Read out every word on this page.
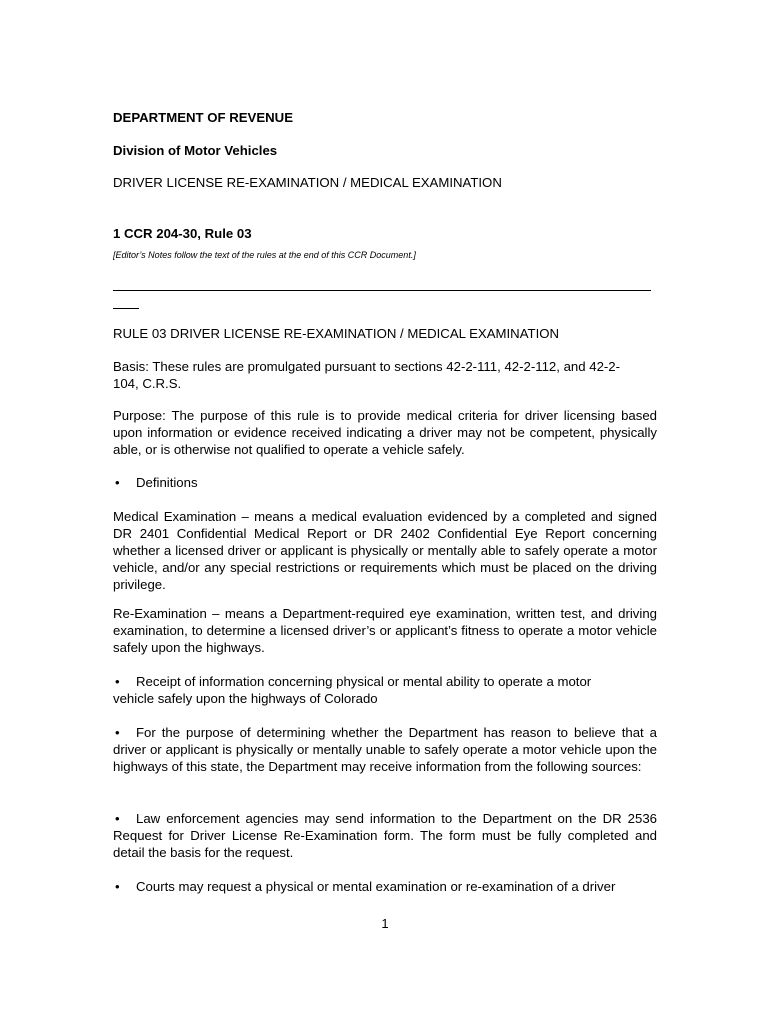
DEPARTMENT OF REVENUE

Division of Motor Vehicles

DRIVER LICENSE RE-EXAMINATION / MEDICAL EXAMINATION

1 CCR 204-30, Rule 03

[Editor’s Notes follow the text of the rules at the end of this CCR Document.]

RULE 03 DRIVER LICENSE RE-EXAMINATION / MEDICAL EXAMINATION

Basis: These rules are promulgated pursuant to sections 42-2-111, 42-2-112, and 42-2-104, C.R.S.

Purpose: The purpose of this rule is to provide medical criteria for driver licensing based upon information or evidence received indicating a driver may not be competent, physically able, or is otherwise not qualified to operate a vehicle safely.

• Definitions

Medical Examination – means a medical evaluation evidenced by a completed and signed DR 2401 Confidential Medical Report or DR 2402 Confidential Eye Report concerning whether a licensed driver or applicant is physically or mentally able to safely operate a motor vehicle, and/or any special restrictions or requirements which must be placed on the driving privilege.

Re-Examination – means a Department-required eye examination, written test, and driving examination, to determine a licensed driver’s or applicant’s fitness to operate a motor vehicle safely upon the highways.

• Receipt of information concerning physical or mental ability to operate a motor vehicle safely upon the highways of Colorado

• For the purpose of determining whether the Department has reason to believe that a driver or applicant is physically or mentally unable to safely operate a motor vehicle upon the highways of this state, the Department may receive information from the following sources:

• Law enforcement agencies may send information to the Department on the DR 2536 Request for Driver License Re-Examination form. The form must be fully completed and detail the basis for the request.

• Courts may request a physical or mental examination or re-examination of a driver
1
